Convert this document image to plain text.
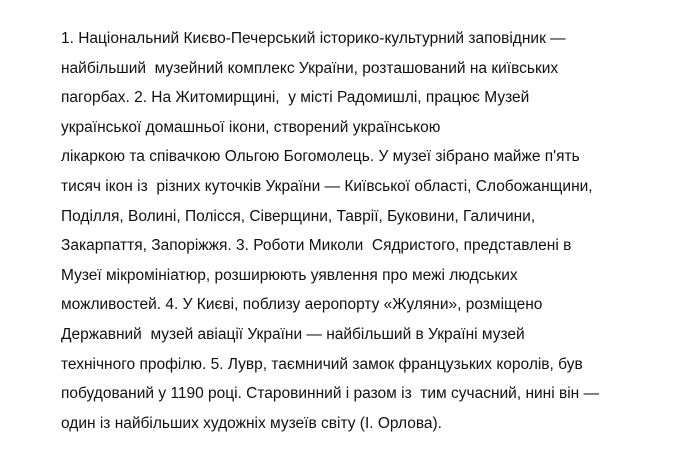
1. Національний Києво-Печерський історико-культурний заповідник —
найбільший  музейний комплекс України, розташований на київських
пагорбах. 2. На Житомирщині,  у місті Радомишлі, працює Музей
української домашньої ікони, створений українською
лікаркою та співачкою Ольгою Богомолець. У музеї зібрано майже п'ять
тисяч ікон із  різних куточків України — Київської області, Слобожанщини,
Поділля, Волині, Полісся, Сіверщини, Таврії, Буковини, Галичини,
Закарпаття, Запоріжжя. 3. Роботи Миколи  Сядристого, представлені в
Музеї мікромініатюр, розширюють уявлення про межі людських
можливостей. 4. У Києві, поблизу аеропорту «Жуляни», розміщено
Державний  музей авіації України — найбільший в Україні музей
технічного профілю. 5. Лувр, таємничий замок французьких королів, був
побудований у 1190 році. Старовинний і разом із  тим сучасний, нині він —
один із найбільших художніх музеїв світу (І. Орлова).
